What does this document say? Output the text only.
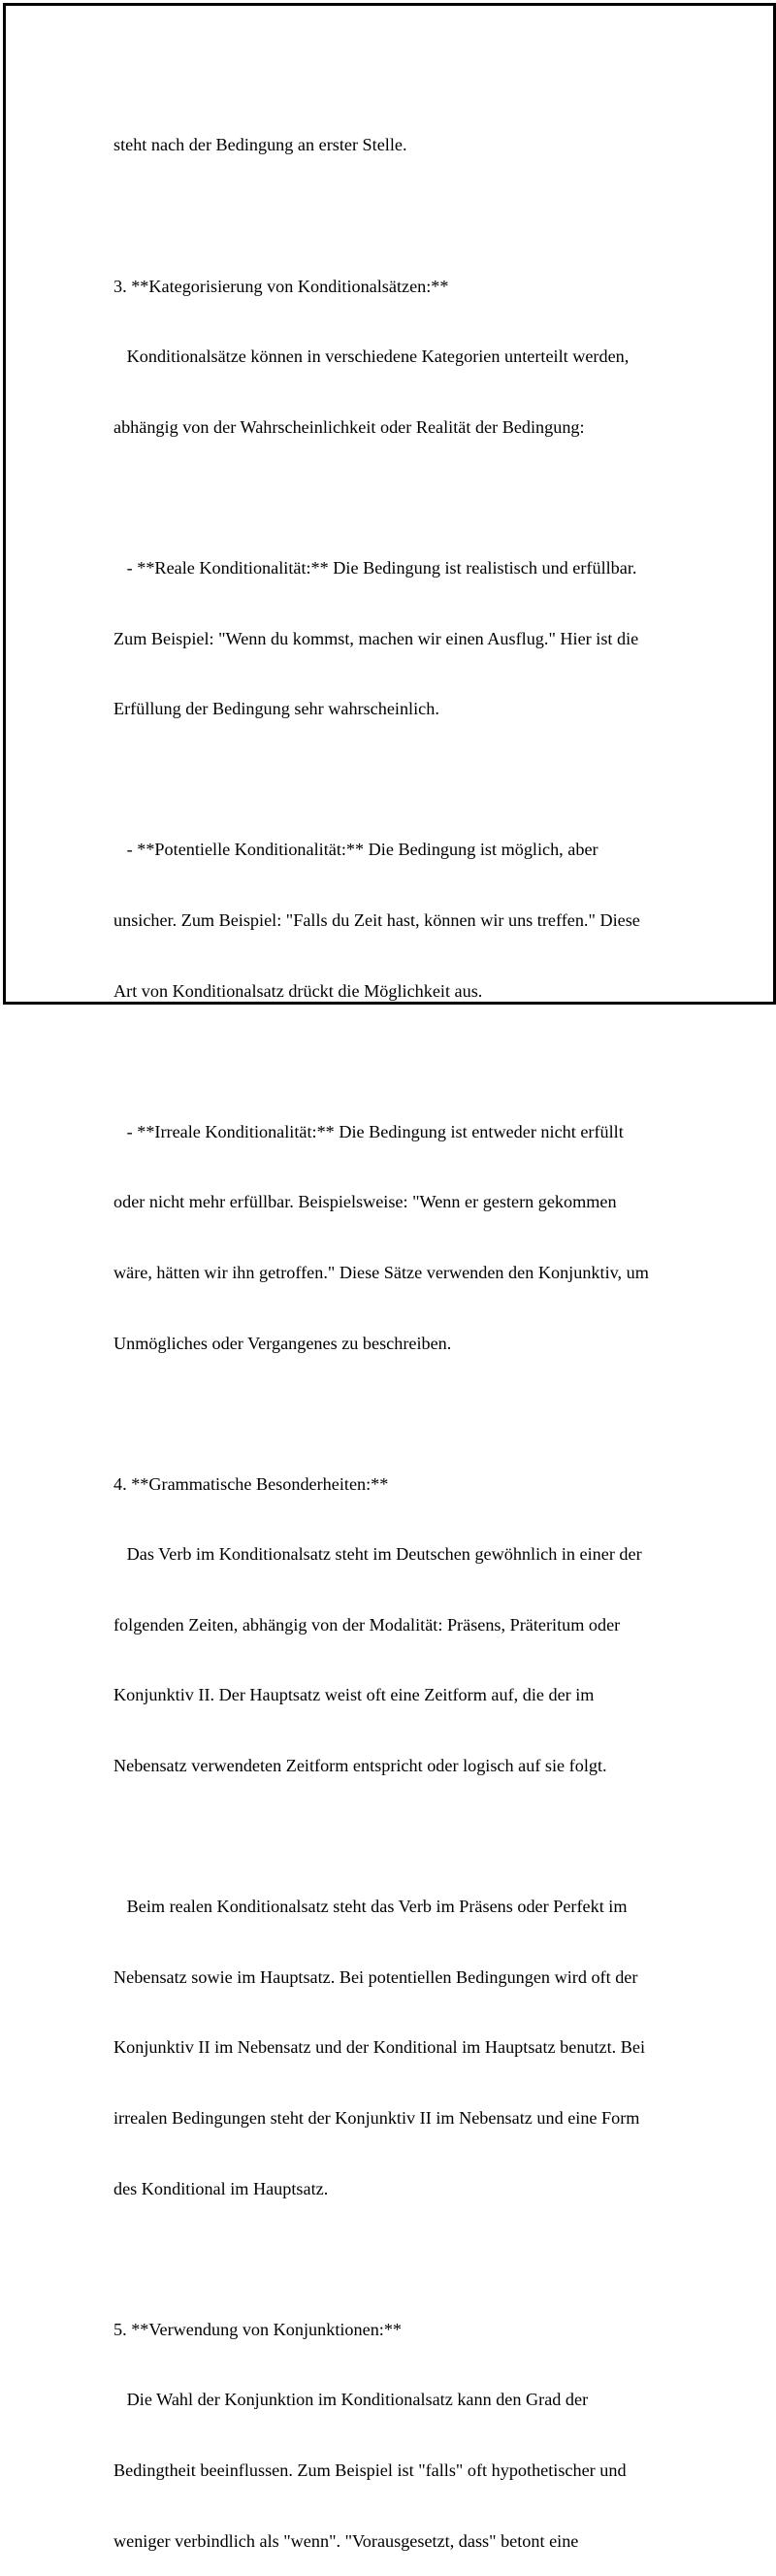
steht nach der Bedingung an erster Stelle.

3. **Kategorisierung von Konditionalsätzen:**

Konditionalsätze können in verschiedene Kategorien unterteilt werden,

abhängig von der Wahrscheinlichkeit oder Realität der Bedingung:

- **Reale Konditionalität:** Die Bedingung ist realistisch und erfüllbar.

Zum Beispiel: "Wenn du kommst, machen wir einen Ausflug." Hier ist die

Erfüllung der Bedingung sehr wahrscheinlich.

- **Potentielle Konditionalität:** Die Bedingung ist möglich, aber

unsicher. Zum Beispiel: "Falls du Zeit hast, können wir uns treffen." Diese

Art von Konditionalsatz drückt die Möglichkeit aus.

- **Irreale Konditionalität:** Die Bedingung ist entweder nicht erfüllt

oder nicht mehr erfüllbar. Beispielsweise: "Wenn er gestern gekommen

wäre, hätten wir ihn getroffen." Diese Sätze verwenden den Konjunktiv, um

Unmögliches oder Vergangenes zu beschreiben.

4. **Grammatische Besonderheiten:**

Das Verb im Konditionalsatz steht im Deutschen gewöhnlich in einer der

folgenden Zeiten, abhängig von der Modalität: Präsens, Präteritum oder

Konjunktiv II. Der Hauptsatz weist oft eine Zeitform auf, die der im

Nebensatz verwendeten Zeitform entspricht oder logisch auf sie folgt.

Beim realen Konditionalsatz steht das Verb im Präsens oder Perfekt im

Nebensatz sowie im Hauptsatz. Bei potentiellen Bedingungen wird oft der

Konjunktiv II im Nebensatz und der Konditional im Hauptsatz benutzt. Bei

irrealen Bedingungen steht der Konjunktiv II im Nebensatz und eine Form

des Konditional im Hauptsatz.

5. **Verwendung von Konjunktionen:**

Die Wahl der Konjunktion im Konditionalsatz kann den Grad der

Bedingtheit beeinflussen. Zum Beispiel ist "falls" oft hypothetischer und

weniger verbindlich als "wenn". "Vorausgesetzt, dass" betont eine
